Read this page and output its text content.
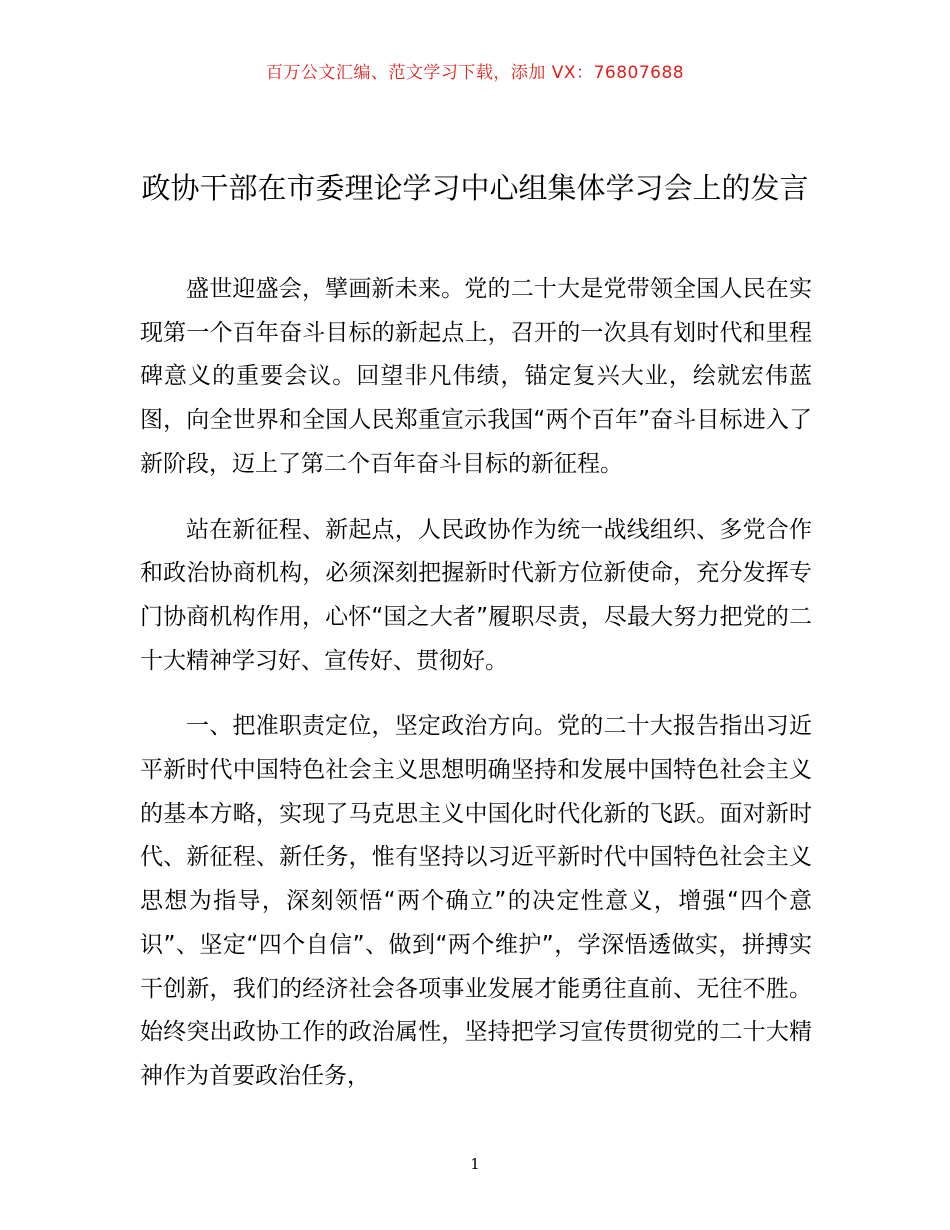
百万公文汇编、范文学习下载，添加 VX：76807688
政协干部在市委理论学习中心组集体学习会上的发言

盛世迎盛会，擘画新未来。党的二十大是党带领全国人民在实现第一个百年奋斗目标的新起点上，召开的一次具有划时代和里程碑意义的重要会议。回望非凡伟绩，锚定复兴大业，绘就宏伟蓝图，向全世界和全国人民郑重宣示我国“两个百年”奋斗目标进入了新阶段，迈上了第二个百年奋斗目标的新征程。

站在新征程、新起点，人民政协作为统一战线组织、多党合作和政治协商机构，必须深刻把握新时代新方位新使命，充分发挥专门协商机构作用，心怀“国之大者”履职尽责，尽最大努力把党的二十大精神学习好、宣传好、贯彻好。

一、把准职责定位，坚定政治方向。党的二十大报告指出习近平新时代中国特色社会主义思想明确坚持和发展中国特色社会主义的基本方略，实现了马克思主义中国化时代化新的飞跃。面对新时代、新征程、新任务，惟有坚持以习近平新时代中国特色社会主义思想为指导，深刻领悟“两个确立”的决定性意义，增强“四个意识”、坚定“四个自信”、做到“两个维护”，学深悟透做实，拼搏实干创新，我们的经济社会各项事业发展才能勇往直前、无往不胜。始终突出政协工作的政治属性，坚持把学习宣传贯彻党的二十大精神作为首要政治任务，

1
